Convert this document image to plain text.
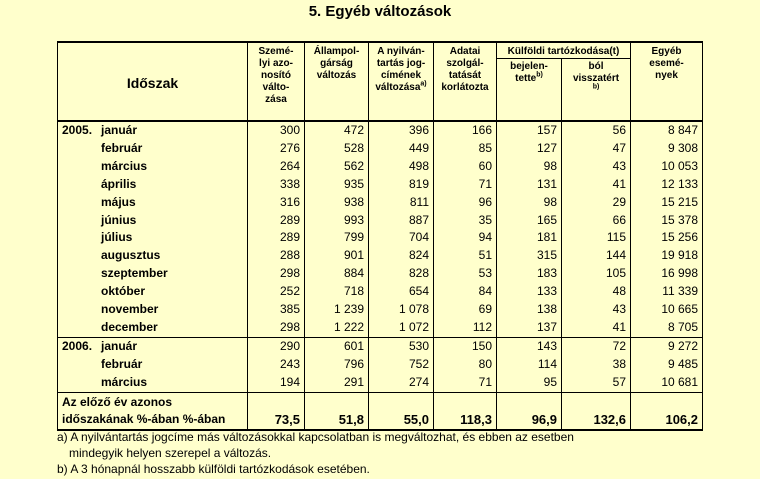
5. Egyéb változások
Időszak	Szemé-
lyi azo-
nosító
válto-
zása	Állampol-
gárság
változás	A nyilván-
tartás jog-
címének
változása$^{a)}$	Adatai
szolgál-
tatását
korlátozta	Külföldi tartózkodása(t)		Egyéb
esemé-
nyek
					bejelen-
tette$^{b)}$	ból
visszatért
$^{b)}$
2005. január	300	472	396	166	157	56	8 847
február	276	528	449	85	127	47	9 308
március	264	562	498	60	98	43	10 053
április	338	935	819	71	131	41	12 133
május	316	938	811	96	98	29	15 215
június	289	993	887	35	165	66	15 378
július	289	799	704	94	181	115	15 256
augusztus	288	901	824	51	315	144	19 918
szeptember	298	884	828	53	183	105	16 998
október	252	718	654	84	133	48	11 339
november	385	1 239	1 078	69	138	43	10 665
december	298	1 222	1 072	112	137	41	8 705
2006. január	290	601	530	150	143	72	9 272
február	243	796	752	80	114	38	9 485
március	194	291	274	71	95	57	10 681

Az előző év azonos
időszakának %-ában %-ában	73,5	51,8	55,0	118,3	96,9	132,6	106,2
a) A nyilvántartás jogcíme más változásokkal kapcsolatban is megváltozhat, és ebben az esetben
mindegyik helyen szerepel a változás.
b) A 3 hónapnál hosszabb külföldi tartózkodások esetében.
